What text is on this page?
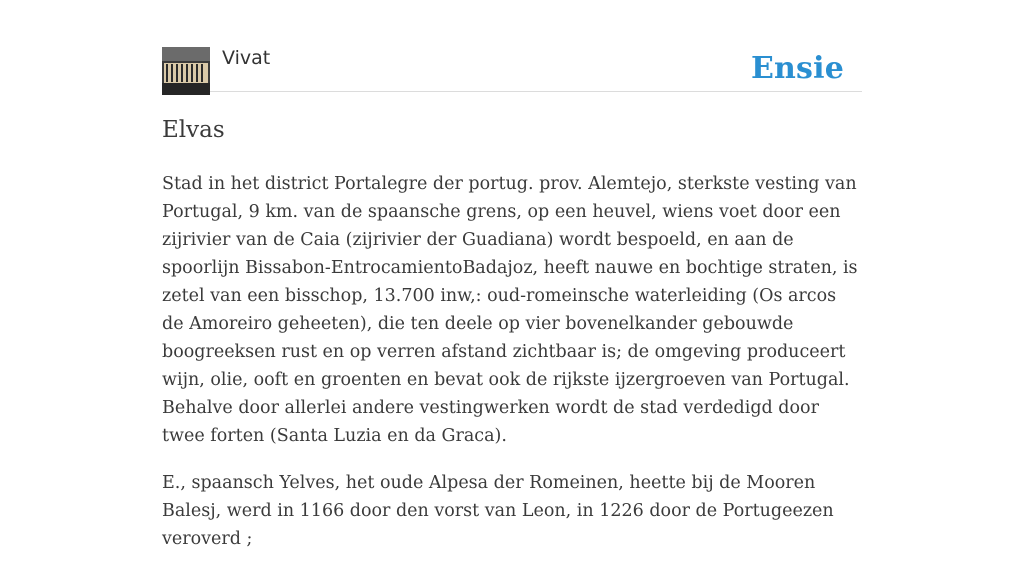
Vivat	Ensie
Elvas

Stad in het district Portalegre der portug. prov. Alemtejo, sterkste vesting van Portugal, 9 km. van de spaansche grens, op een heuvel, wiens voet door een zijrivier van de Caia (zijrivier der Guadiana) wordt bespoeld, en aan de spoorlijn Bissabon-EntrocamientoBadajoz, heeft nauwe en bochtige straten, is zetel van een bisschop, 13.700 inw,: oud-romeinsche waterleiding (Os arcos de Amoreiro geheeten), die ten deele op vier bovenelkander gebouwde boogreeksen rust en op verren afstand zichtbaar is; de omgeving produceert wijn, olie, ooft en groenten en bevat ook de rijkste ijzergroeven van Portugal. Behalve door allerlei andere vestingwerken wordt de stad verdedigd door twee forten (Santa Luzia en da Graca).

E., spaansch Yelves, het oude Alpesa der Romeinen, heette bij de Mooren Balesj, werd in 1166 door den vorst van Leon, in 1226 door de Portugeezen veroverd ;
